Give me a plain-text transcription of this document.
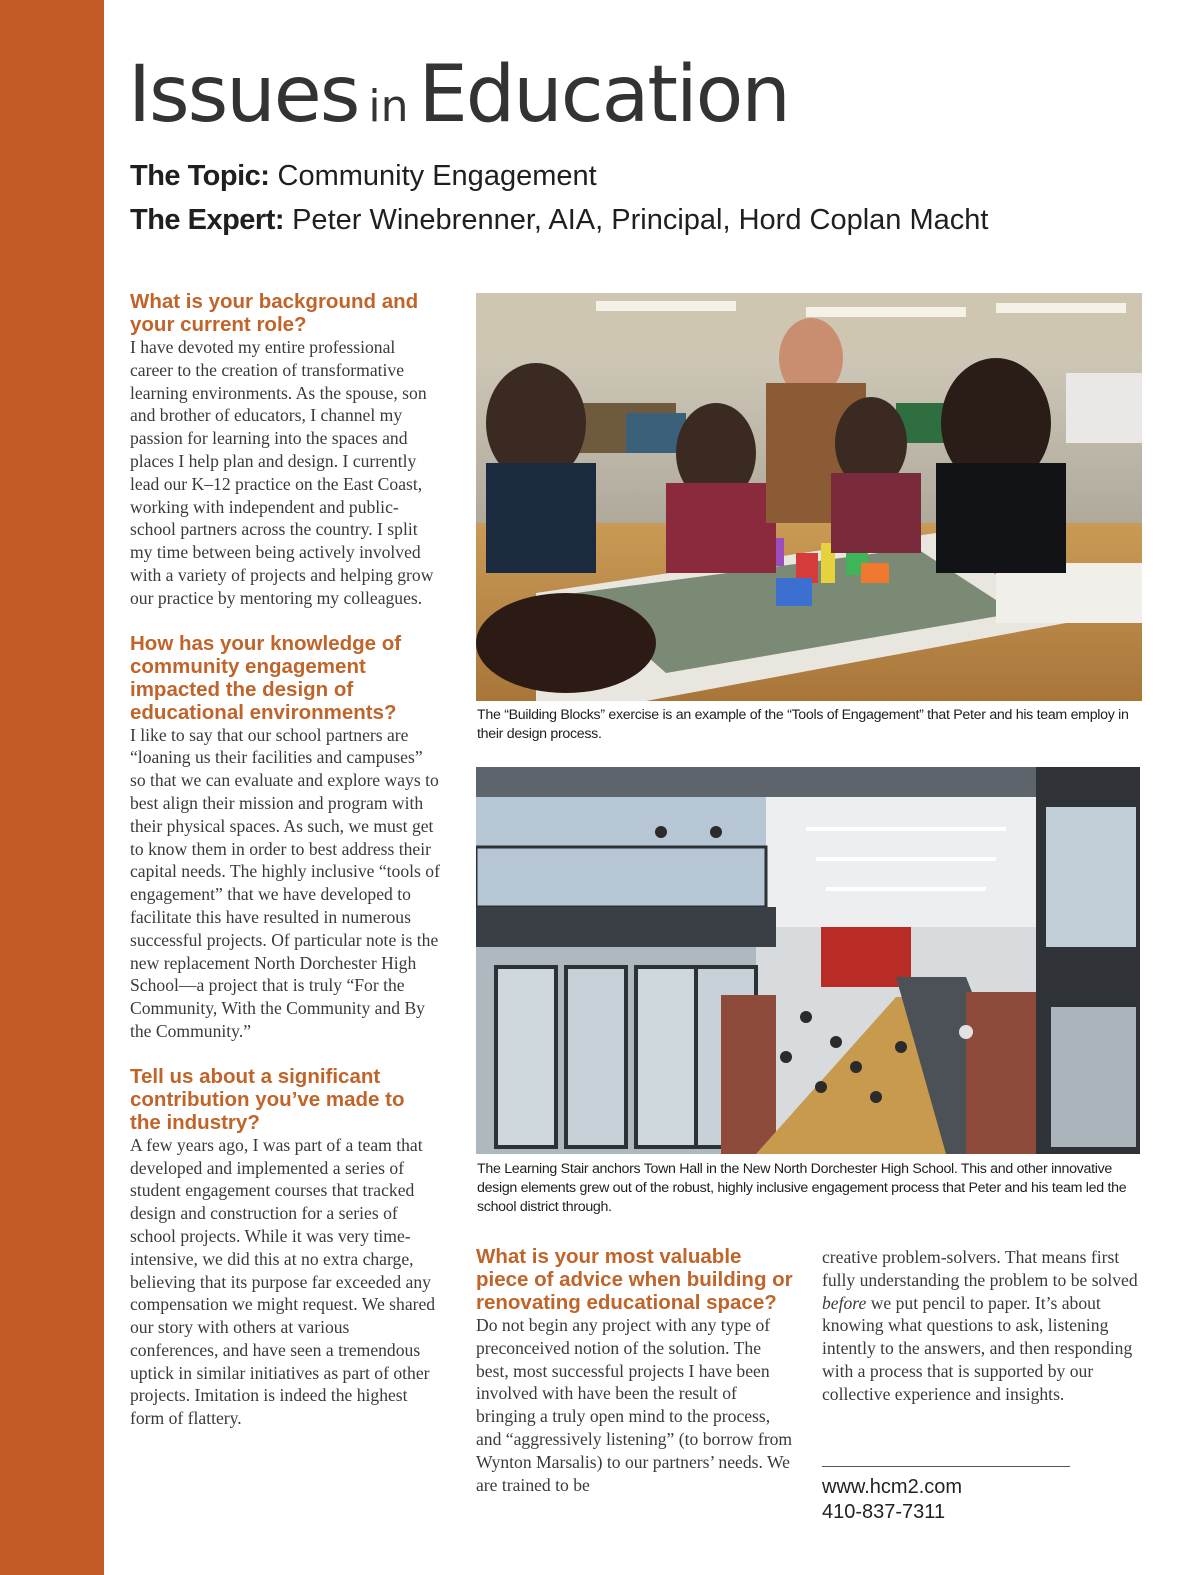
Issues in Education
The Topic: Community Engagement
The Expert: Peter Winebrenner, AIA, Principal, Hord Coplan Macht
What is your background and your current role?
I have devoted my entire professional career to the creation of transformative learning environments. As the spouse, son and brother of educators, I channel my passion for learning into the spaces and places I help plan and design. I currently lead our K–12 practice on the East Coast, working with independent and public-school partners across the country. I split my time between being actively involved with a variety of projects and helping grow our practice by mentoring my colleagues.
How has your knowledge of community engagement impacted the design of educational environments?
I like to say that our school partners are “loaning us their facilities and campuses” so that we can evaluate and explore ways to best align their mission and program with their physical spaces. As such, we must get to know them in order to best address their capital needs. The highly inclusive “tools of engagement” that we have developed to facilitate this have resulted in numerous successful projects. Of particular note is the new replacement North Dorchester High School—a project that is truly “For the Community, With the Community and By the Community.”
Tell us about a significant contribution you’ve made to the industry?
A few years ago, I was part of a team that developed and implemented a series of student engagement courses that tracked design and construction for a series of school projects. While it was very time-intensive, we did this at no extra charge, believing that its purpose far exceeded any compensation we might request. We shared our story with others at various conferences, and have seen a tremendous uptick in similar initiatives as part of other projects. Imitation is indeed the highest form of flattery.
The “Building Blocks” exercise is an example of the “Tools of Engagement” that Peter and his team employ in their design process.
The Learning Stair anchors Town Hall in the New North Dorchester High School. This and other innovative design elements grew out of the robust, highly inclusive engagement process that Peter and his team led the school district through.
What is your most valuable piece of advice when building or renovating educational space?
Do not begin any project with any type of preconceived notion of the solution. The best, most successful projects I have been involved with have been the result of bringing a truly open mind to the process, and “aggressively listening” (to borrow from Wynton Marsalis) to our partners’ needs. We are trained to be
creative problem-solvers. That means first fully understanding the problem to be solved before we put pencil to paper. It’s about knowing what questions to ask, listening intently to the answers, and then responding with a process that is supported by our collective experience and insights.
www.hcm2.com
410-837-7311
